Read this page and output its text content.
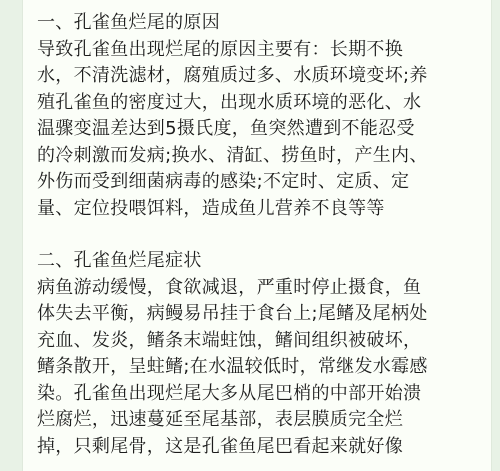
一、孔雀鱼烂尾的原因

导致孔雀鱼出现烂尾的原因主要有：长期不换
水，不清洗滤材，腐殖质过多、水质环境变坏;养
殖孔雀鱼的密度过大，出现水质环境的恶化、水
温骤变温差达到5摄氏度，鱼突然遭到不能忍受
的冷刺激而发病;换水、清缸、捞鱼时，产生内、
外伤而受到细菌病毒的感染;不定时、定质、定
量、定位投喂饵料，造成鱼儿营养不良等等

二、孔雀鱼烂尾症状

病鱼游动缓慢，食欲减退，严重时停止摄食，鱼
体失去平衡，病鳗易吊挂于食台上;尾鳍及尾柄处
充血、发炎，鳍条末端蛀蚀，鳍间组织被破坏，
鳍条散开，呈蛀鳍;在水温较低时，常继发水霉感
染。孔雀鱼出现烂尾大多从尾巴梢的中部开始溃
烂腐烂，迅速蔓延至尾基部，表层膜质完全烂
掉，只剩尾骨，这是孔雀鱼尾巴看起来就好像
